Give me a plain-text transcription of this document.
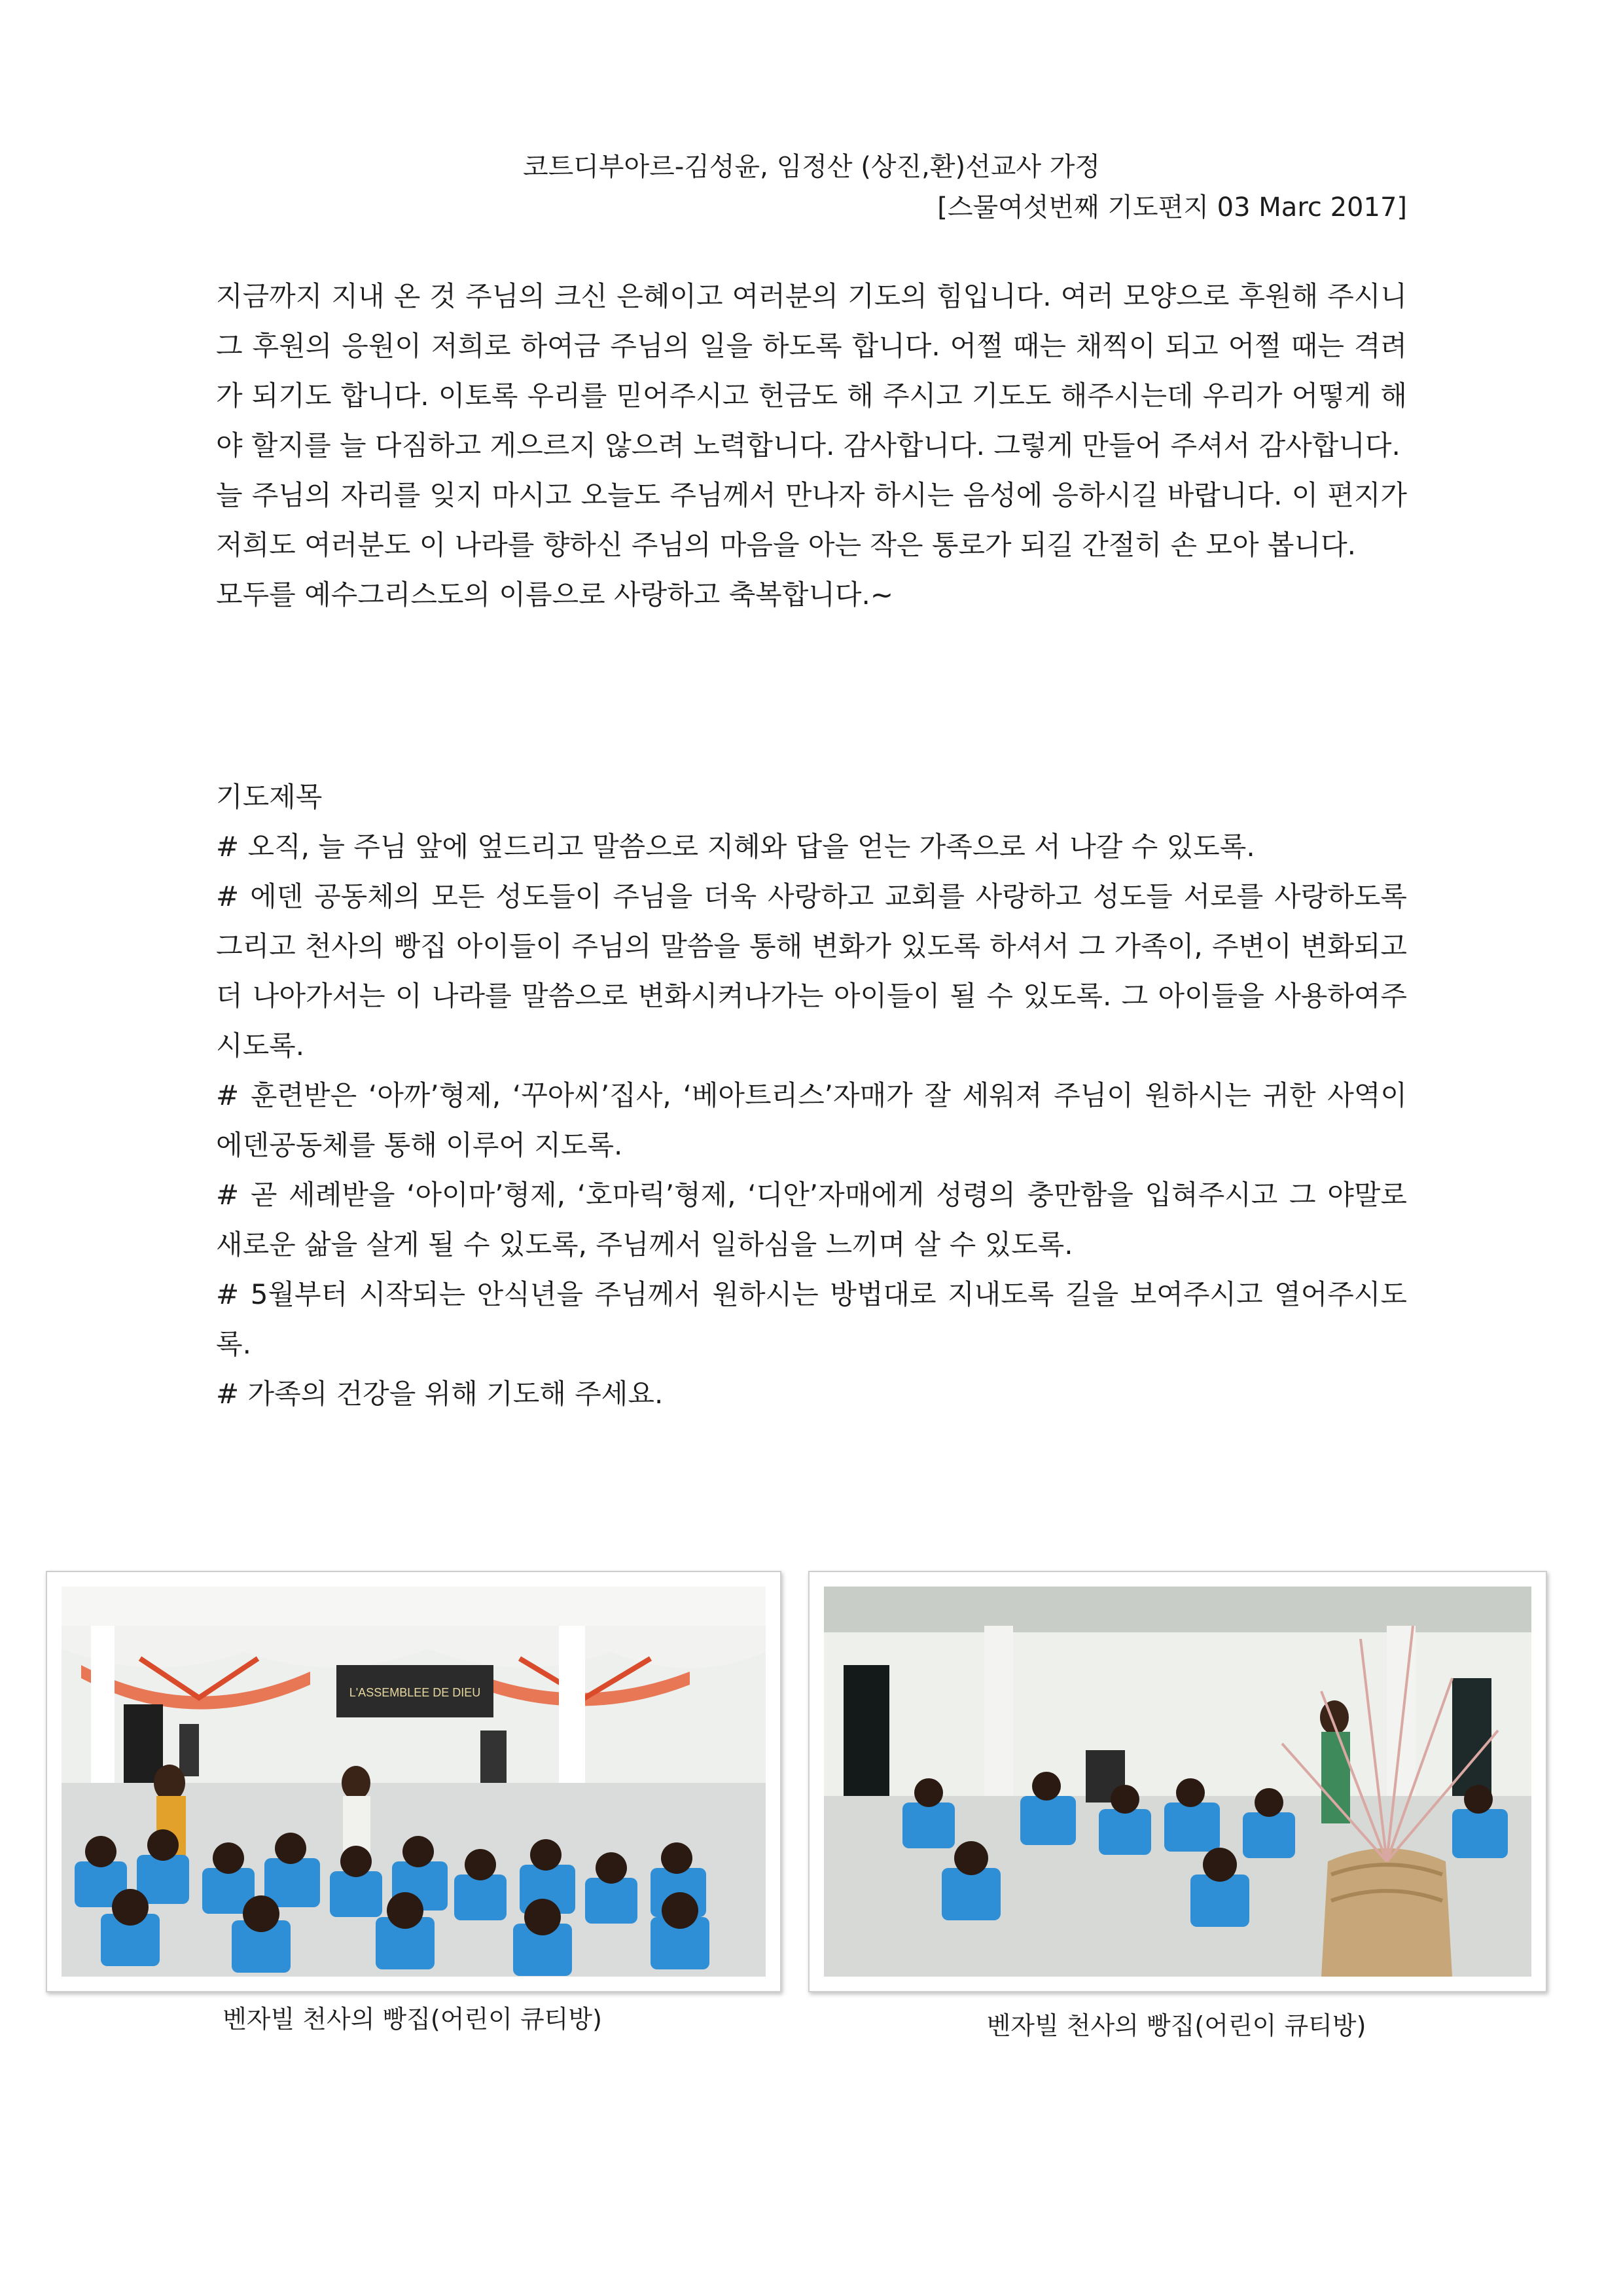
코트디부아르-김성윤, 임정산 (상진,환)선교사 가정
[스물여섯번째 기도편지 03 Marc 2017]

지금까지 지내 온 것 주님의 크신 은혜이고 여러분의 기도의 힘입니다. 여러 모양으로 후원해 주시니 그 후원의 응원이 저희로 하여금 주님의 일을 하도록 합니다. 어쩔 때는 채찍이 되고 어쩔 때는 격려가 되기도 합니다. 이토록 우리를 믿어주시고 헌금도 해 주시고 기도도 해주시는데 우리가 어떻게 해야 할지를 늘 다짐하고 게으르지 않으려 노력합니다. 감사합니다. 그렇게 만들어 주셔서 감사합니다.

늘 주님의 자리를 잊지 마시고 오늘도 주님께서 만나자 하시는 음성에 응하시길 바랍니다. 이 편지가 저희도 여러분도 이 나라를 향하신 주님의 마음을 아는 작은 통로가 되길 간절히 손 모아 봅니다.

모두를 예수그리스도의 이름으로 사랑하고 축복합니다.~

기도제목

# 오직, 늘 주님 앞에 엎드리고 말씀으로 지혜와 답을 얻는 가족으로 서 나갈 수 있도록.

# 에덴 공동체의 모든 성도들이 주님을 더욱 사랑하고 교회를 사랑하고 성도들 서로를 사랑하도록 그리고 천사의 빵집 아이들이 주님의 말씀을 통해 변화가 있도록 하셔서 그 가족이, 주변이 변화되고 더 나아가서는 이 나라를 말씀으로 변화시켜나가는 아이들이 될 수 있도록. 그 아이들을 사용하여주시도록.

# 훈련받은 ‘아까’형제, ‘꾸아씨’집사, ‘베아트리스’자매가 잘 세워져 주님이 원하시는 귀한 사역이 에덴공동체를 통해 이루어 지도록.

# 곧 세례받을 ‘아이마’형제, ‘호마릭’형제, ‘디안’자매에게 성령의 충만함을 입혀주시고 그 야말로 새로운 삶을 살게 될 수 있도록, 주님께서 일하심을 느끼며 살 수 있도록.

# 5월부터 시작되는 안식년을 주님께서 원하시는 방법대로 지내도록 길을 보여주시고 열어주시도록.

# 가족의 건강을 위해 기도해 주세요.

L'ASSEMBLEE DE DIEU
벤자빌 천사의 빵집(어린이 큐티방)	벤자빌 천사의 빵집(어린이 큐티방)
